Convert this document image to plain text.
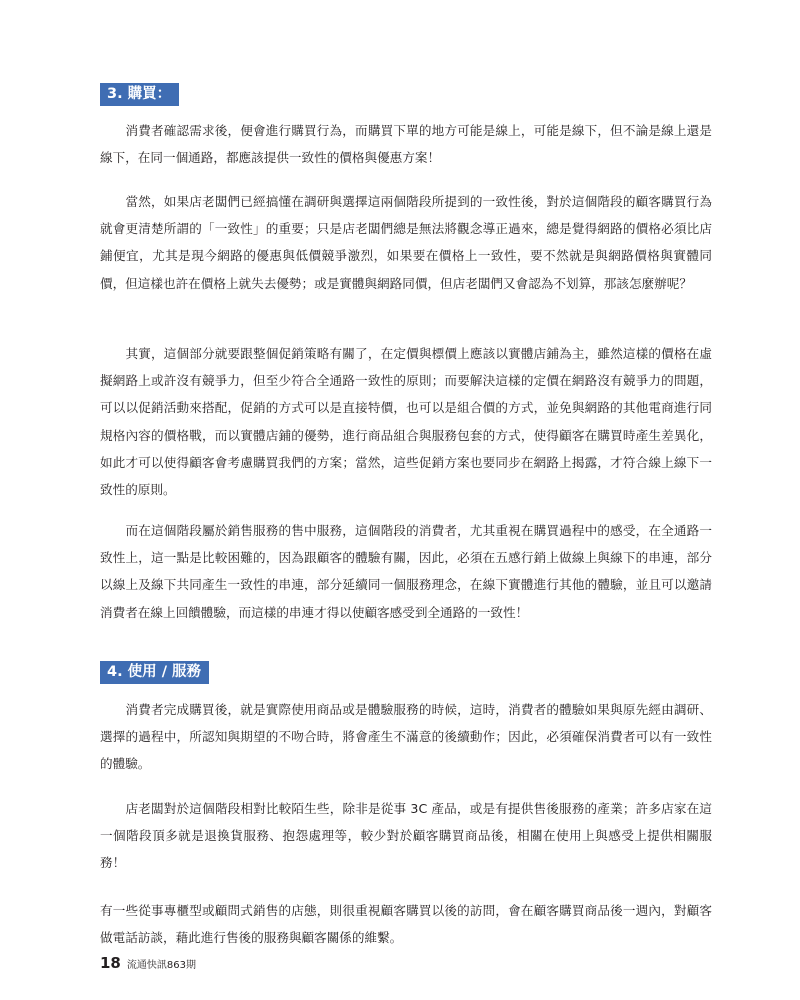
3. 購買：

消費者確認需求後，便會進行購買行為，而購買下單的地方可能是線上，可能是線下，但不論是線上還是線下，在同一個通路，都應該提供一致性的價格與優惠方案！

當然，如果店老闆們已經搞懂在調研與選擇這兩個階段所提到的一致性後，對於這個階段的顧客購買行為就會更清楚所謂的「一致性」的重要；只是店老闆們總是無法將觀念導正過來，總是覺得網路的價格必須比店鋪便宜，尤其是現今網路的優惠與低價競爭激烈，如果要在價格上一致性，要不然就是與網路價格與實體同價，但這樣也許在價格上就失去優勢；或是實體與網路同價，但店老闆們又會認為不划算，那該怎麼辦呢？

其實，這個部分就要跟整個促銷策略有關了，在定價與標價上應該以實體店鋪為主，雖然這樣的價格在虛擬網路上或許沒有競爭力，但至少符合全通路一致性的原則；而要解決這樣的定價在網路沒有競爭力的問題，可以以促銷活動來搭配，促銷的方式可以是直接特價，也可以是組合價的方式，並免與網路的其他電商進行同規格內容的價格戰，而以實體店鋪的優勢，進行商品組合與服務包套的方式，使得顧客在購買時產生差異化，如此才可以使得顧客會考慮購買我們的方案；當然，這些促銷方案也要同步在網路上揭露，才符合線上線下一致性的原則。

而在這個階段屬於銷售服務的售中服務，這個階段的消費者，尤其重視在購買過程中的感受，在全通路一致性上，這一點是比較困難的，因為跟顧客的體驗有關，因此，必須在五感行銷上做線上與線下的串連，部分以線上及線下共同產生一致性的串連，部分延續同一個服務理念，在線下實體進行其他的體驗，並且可以邀請消費者在線上回饋體驗，而這樣的串連才得以使顧客感受到全通路的一致性！

4. 使用 / 服務

消費者完成購買後，就是實際使用商品或是體驗服務的時候，這時，消費者的體驗如果與原先經由調研、選擇的過程中，所認知與期望的不吻合時，將會產生不滿意的後續動作；因此，必須確保消費者可以有一致性的體驗。

店老闆對於這個階段相對比較陌生些，除非是從事 3C 產品，或是有提供售後服務的產業；許多店家在這一個階段頂多就是退換貨服務、抱怨處理等，較少對於顧客購買商品後，相關在使用上與感受上提供相關服務！

有一些從事專櫃型或顧問式銷售的店態，則很重視顧客購買以後的訪問，會在顧客購買商品後一週內，對顧客做電話訪談，藉此進行售後的服務與顧客關係的維繫。

18 流通快訊863期
